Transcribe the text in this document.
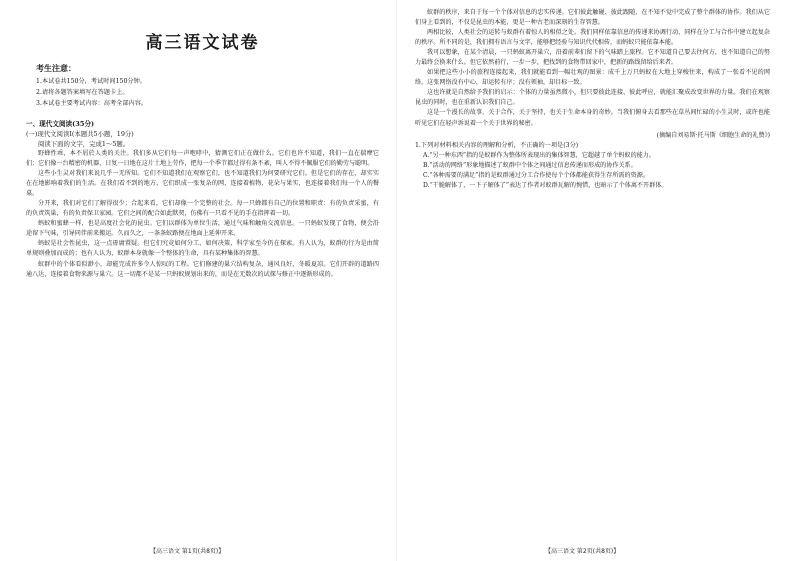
高三语文试卷
考生注意：
1.本试卷共150分，考试时间150分钟。
2.请将各题答案填写在答题卡上。
3.本试卷主要考试内容：高考全部内容。
一、现代文阅读(35分)
(一)现代文阅读Ⅰ(本题共5小题，19分)
阅读下面的文字，完成1～5题。

野蜂性乖，本不屑於人类的关注。我们多从它们每一声咆哮中，猜测它们正在做什么。它们也许不知道，我们一直在揣摩它们；它们像一台精密的机器，日复一日地在这片土地上劳作，把每一个季节都过得有条不紊，叫人不得不佩服它们的勤劳与聪明。

这些小生灵对我们来说几乎一无所知。它们不知道我们在观察它们，也不知道我们为何要研究它们。但是它们的存在，却实实在在地影响着我们的生活。在我们看不到的地方，它们织成一张复杂的网，连接着植物、花朵与果实，也连接着我们每一个人的餐桌。

分开来，我们对它们了解得很少；合起来看，它们却像一个完整的社会。每一只蜂都有自己的位置和职责：有的负责采蜜，有的负责筑巢，有的负责保卫家园。它们之间的配合如此默契，仿佛有一只看不见的手在指挥着一切。

蚂蚁和蜜蜂一样，也是高度社会化的昆虫。它们以群体为单位生活，通过气味和触角交流信息。一只蚂蚁发现了食物，便会沿途留下气味，引导同伴前来搬运。久而久之，一条条蚁路便在地面上延伸开来。

蚂蚁是社会性昆虫，这一点毋庸置疑。但它们究竟如何分工、如何决策，科学家至今仍在探索。有人认为，蚁群的行为是由简单规则叠加而成的；也有人认为，蚁群本身就像一个整体的生命，具有某种集体的智慧。

蚁群中的个体看似渺小，却能完成许多令人惊叹的工程。它们修建的巢穴结构复杂，通风良好，冬暖夏凉。它们开辟的道路四通八达，连接着食物来源与巢穴。这一切都不是某一只蚂蚁规划出来的，而是在无数次的试探与修正中逐渐形成的。

蚁群的秩序，来自于每一个个体对信息的忠实传递。它们彼此触碰、彼此跟随，在不知不觉中完成了整个群体的协作。我们从它们身上看到的，不仅是昆虫的本能，更是一种古老而深刻的生存智慧。

两相比较，人类社会的运转与蚁群有着惊人的相似之处。我们同样依靠信息的传递来协调行动，同样在分工与合作中建立起复杂的秩序。所不同的是，我们拥有语言与文字，能够把经验与知识代代相传，而蚂蚁只能依靠本能。

我可以想象，在某个清晨，一只蚂蚁离开巢穴，沿着前辈们留下的气味踏上旅程。它不知道自己要去往何方，也不知道自己的努力最终会换来什么。但它依然前行，一步一步，把找到的食物带回家中，把新的路线留给后来者。

如果把这些小小的旅程连接起来，我们就能看到一幅壮观的图景：成千上万只蚂蚁在大地上穿梭往来，构成了一张看不见的网络。这张网络没有中心，却运转有序；没有领袖，却目标一致。

这也许就是自然给予我们的启示：个体的力量虽然微小，但只要彼此连接、彼此呼应，就能汇聚成改变世界的力量。我们在观察昆虫的同时，也在重新认识我们自己。

这是一个漫长的故事，关于合作，关于坚持，也关于生命本身的奇妙。当我们俯身去看那些在草丛间忙碌的小生灵时，或许也能听见它们在轻声诉说着一个关于世界的秘密。

(摘编自刘易斯·托马斯《细胞生命的礼赞》)

1.下列对材料相关内容的理解和分析，不正确的一项是(3分)

A.“另一种东西”指的是蚁群作为整体所表现出的集体智慧，它超越了单个蚂蚁的能力。

B.“活动的网络”形象地描述了蚁群中个体之间通过信息传递而形成的协作关系。

C.“各种需要的满足”指的是蚁群通过分工合作使每个个体都能获得生存所需的资源。

D.“干脆解体了，一下子解体了”表达了作者对蚁群瓦解的惋惜，也暗示了个体离不开群体。

【高三语文 第1页(共8页)】	【高三语文 第2页(共8页)】
